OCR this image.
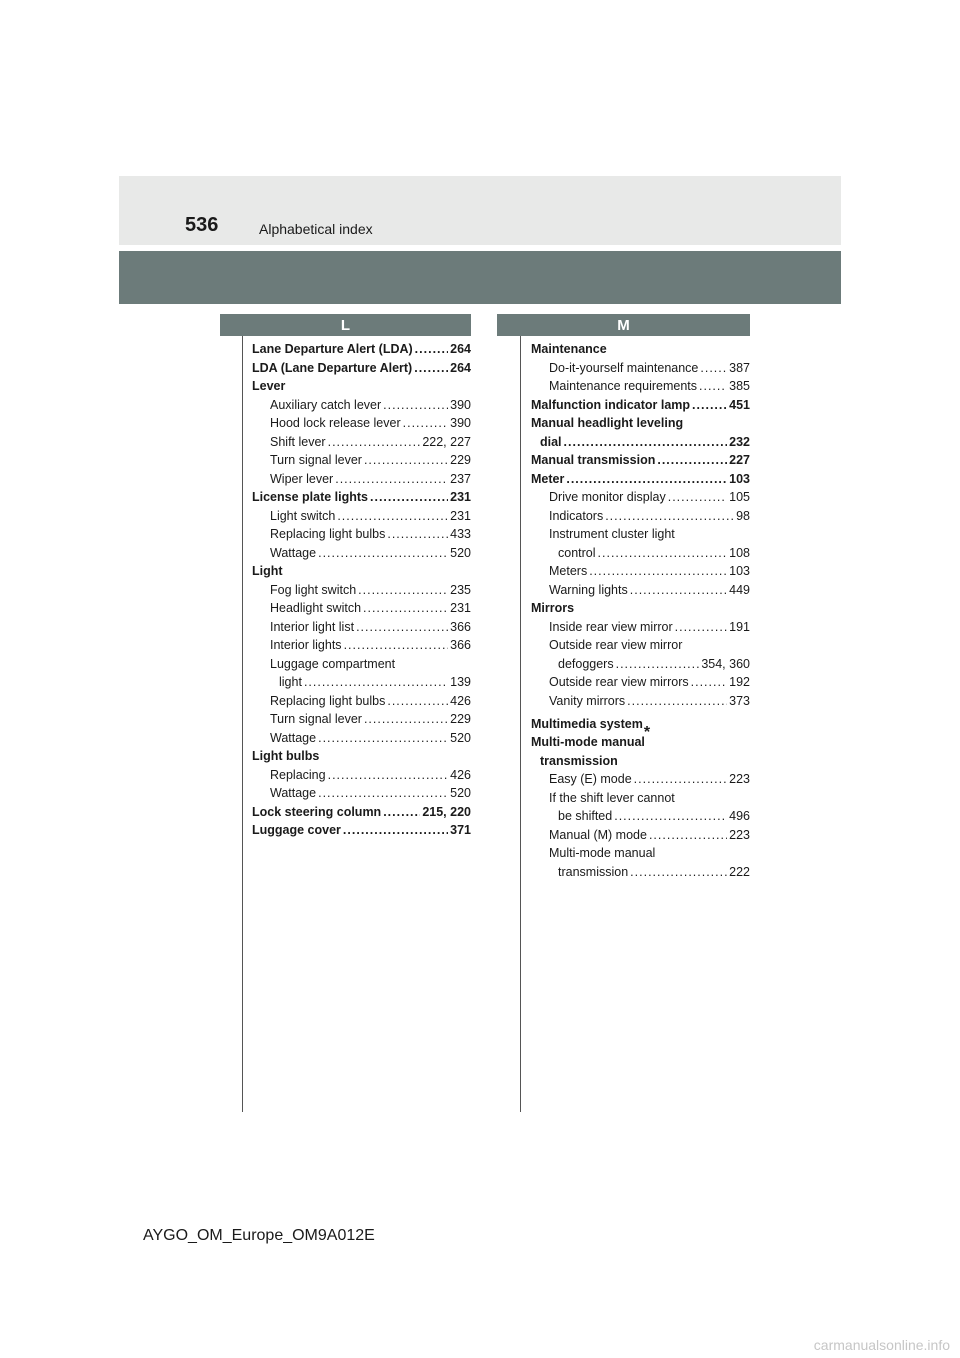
536	Alphabetical index
L	M
Lane Departure Alert (LDA) .....	264
LDA (Lane Departure Alert) .....	264
Lever
Auxiliary catch lever .....	390
Hood lock release lever .....	390
Shift lever .....	222, 227
Turn signal lever .....	229
Wiper lever .....	237
License plate lights .....	231
Light switch .....	231
Replacing light bulbs .....	433
Wattage .....	520
Light
Fog light switch .....	235
Headlight switch .....	231
Interior light list .....	366
Interior lights .....	366
Luggage compartment
light .....	139
Replacing light bulbs .....	426
Turn signal lever .....	229
Wattage .....	520
Light bulbs
Replacing .....	426
Wattage .....	520
Lock steering column .....	215, 220
Luggage cover .....	371
Maintenance
Do-it-yourself maintenance ..... 387
Maintenance requirements .....	385
Malfunction indicator lamp .....	451
Manual headlight leveling
dial .....	232
Manual transmission .....	227
Meter .....	103
Drive monitor display .....	105
Indicators .....	98
Instrument cluster light
control .....	108
Meters .....	103
Warning lights .....	449
Mirrors
Inside rear view mirror .....	191
Outside rear view mirror
defoggers .....	354, 360
Outside rear view mirrors .....	192
Vanity mirrors .....	373
Multimedia system
*
Multi-mode manual
transmission
Easy (E) mode .....	223
If the shift lever cannot
be shifted .....	496
Manual (M) mode .....	223
Multi-mode manual
transmission .....	222
AYGO_OM_Europe_OM9A012E
carmanualsonline.info
